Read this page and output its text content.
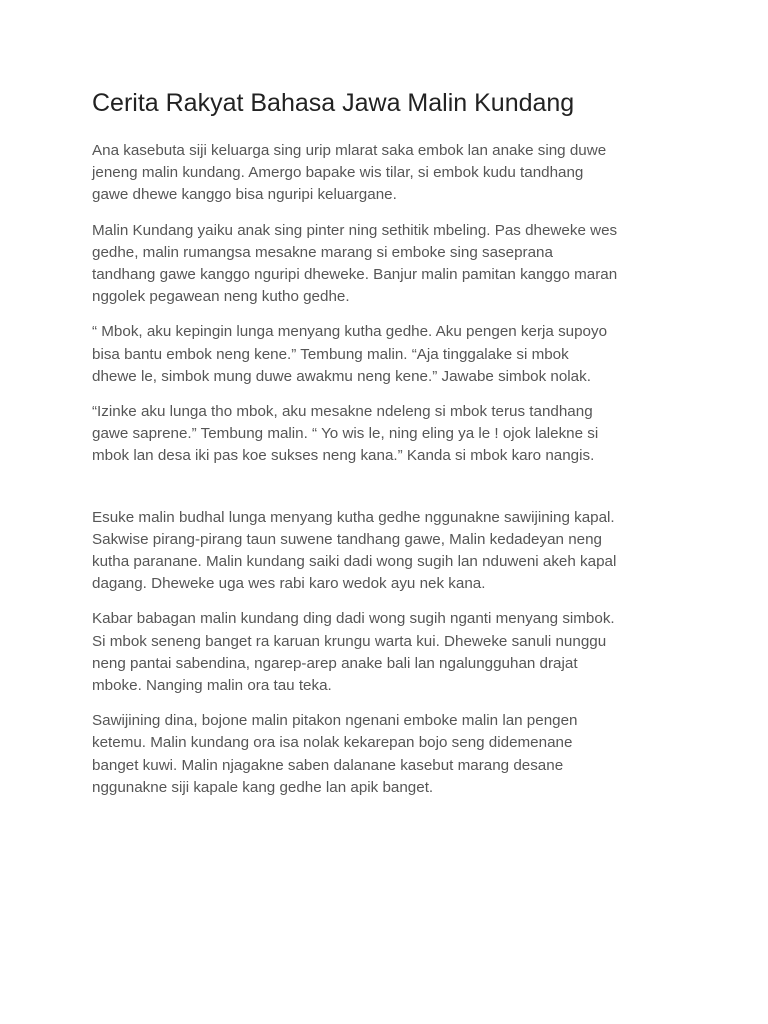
Cerita Rakyat Bahasa Jawa Malin Kundang

Ana kasebuta siji keluarga sing urip mlarat saka embok lan anake sing duwe
jeneng malin kundang. Amergo bapake wis tilar, si embok kudu tandhang
gawe dhewe kanggo bisa nguripi keluargane.

Malin Kundang yaiku anak sing pinter ning sethitik mbeling. Pas dheweke wes
gedhe, malin rumangsa mesakne marang si emboke sing saseprana
tandhang gawe kanggo nguripi dheweke. Banjur malin pamitan kanggo maran
nggolek pegawean neng kutho gedhe.

“ Mbok, aku kepingin lunga menyang kutha gedhe. Aku pengen kerja supoyo
bisa bantu embok neng kene.” Tembung malin. “Aja tinggalake si mbok
dhewe le, simbok mung duwe awakmu neng kene.” Jawabe simbok nolak.

“Izinke aku lunga tho mbok, aku mesakne ndeleng si mbok terus tandhang
gawe saprene.” Tembung malin. “ Yo wis le, ning eling ya le ! ojok lalekne si
mbok lan desa iki pas koe sukses neng kana.” Kanda si mbok karo nangis.

Esuke malin budhal lunga menyang kutha gedhe nggunakne sawijining kapal.
Sakwise pirang-pirang taun suwene tandhang gawe, Malin kedadeyan neng
kutha paranane. Malin kundang saiki dadi wong sugih lan nduweni akeh kapal
dagang. Dheweke uga wes rabi karo wedok ayu nek kana.

Kabar babagan malin kundang ding dadi wong sugih nganti menyang simbok.
Si mbok seneng banget ra karuan krungu warta kui. Dheweke sanuli nunggu
neng pantai sabendina, ngarep-arep anake bali lan ngalungguhan drajat
mboke. Nanging malin ora tau teka.

Sawijining dina, bojone malin pitakon ngenani emboke malin lan pengen
ketemu. Malin kundang ora isa nolak kekarepan bojo seng didemenane
banget kuwi. Malin njagakne saben dalanane kasebut marang desane
nggunakne siji kapale kang gedhe lan apik banget.
